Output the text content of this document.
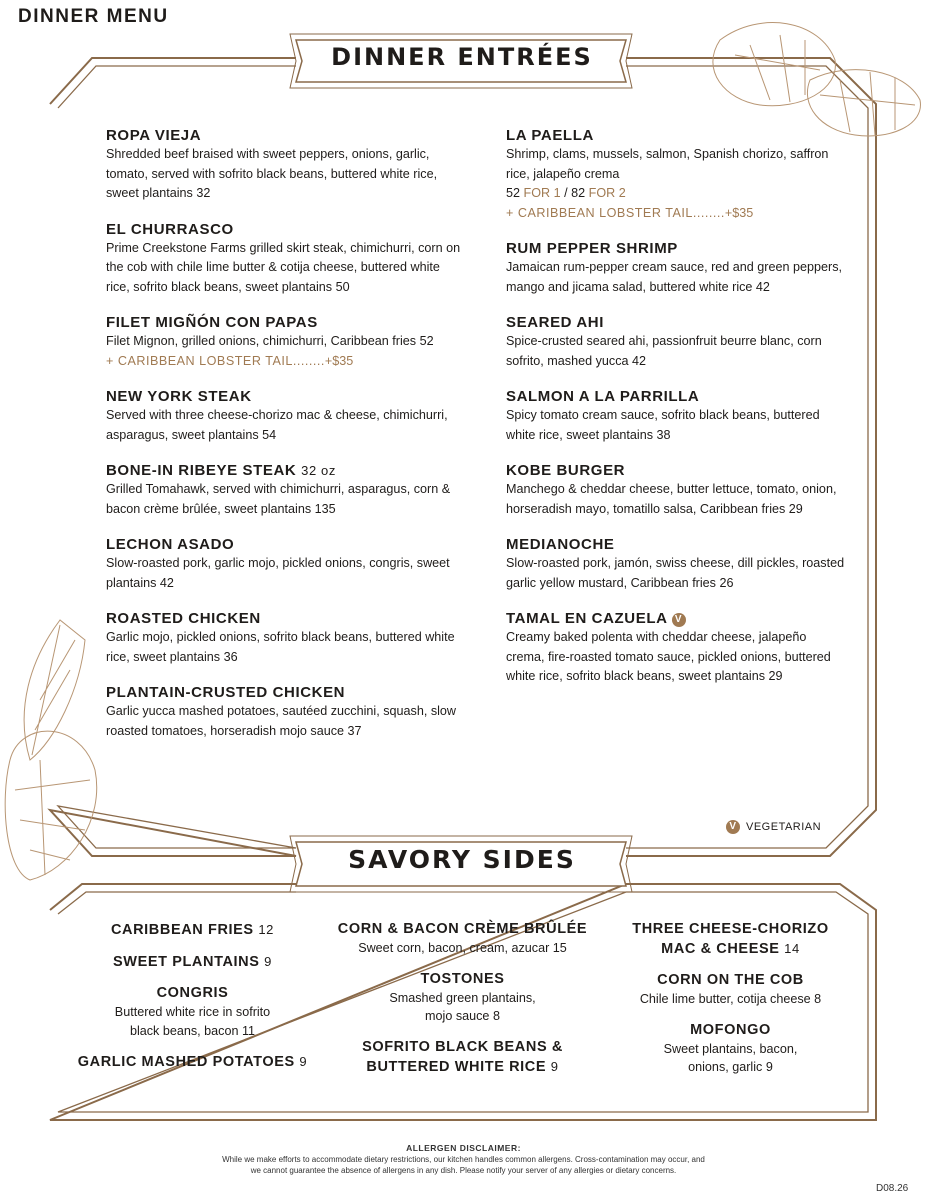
DINNER MENU
DINNER ENTRÉES
SAVORY SIDES
ROPA VIEJA
Shredded beef braised with sweet peppers, onions, garlic, tomato, served with sofrito black beans, buttered white rice, sweet plantains 32
EL CHURRASCO
Prime Creekstone Farms grilled skirt steak, chimichurri, corn on the cob with chile lime butter & cotija cheese, buttered white rice, sofrito black beans, sweet plantains 50
FILET MIGÑÓN CON PAPAS
Filet Mignon, grilled onions, chimichurri, Caribbean fries 52
+ CARIBBEAN LOBSTER TAIL........+$35
NEW YORK STEAK
Served with three cheese-chorizo mac & cheese, chimichurri, asparagus, sweet plantains 54
BONE-IN RIBEYE STEAK 32 oz
Grilled Tomahawk, served with chimichurri, asparagus, corn & bacon crème brûlée, sweet plantains 135
LECHON ASADO
Slow-roasted pork, garlic mojo, pickled onions, congris, sweet plantains 42
ROASTED CHICKEN
Garlic mojo, pickled onions, sofrito black beans, buttered white rice, sweet plantains 36
PLANTAIN-CRUSTED CHICKEN
Garlic yucca mashed potatoes, sautéed zucchini, squash, slow roasted tomatoes, horseradish mojo sauce 37
LA PAELLA
Shrimp, clams, mussels, salmon, Spanish chorizo, saffron rice, jalapeño crema
52 FOR 1 / 82 FOR 2
+ CARIBBEAN LOBSTER TAIL........+$35
RUM PEPPER SHRIMP
Jamaican rum-pepper cream sauce, red and green peppers, mango and jicama salad, buttered white rice 42
SEARED AHI
Spice-crusted seared ahi, passionfruit beurre blanc, corn sofrito, mashed yucca 42
SALMON A LA PARRILLA
Spicy tomato cream sauce, sofrito black beans, buttered white rice, sweet plantains 38
KOBE BURGER
Manchego & cheddar cheese, butter lettuce, tomato, onion, horseradish mayo, tomatillo salsa, Caribbean fries 29
MEDIANOCHE
Slow-roasted pork, jamón, swiss cheese, dill pickles, roasted garlic yellow mustard, Caribbean fries 26
TAMAL EN CAZUELA V
Creamy baked polenta with cheddar cheese, jalapeño crema, fire-roasted tomato sauce, pickled onions, buttered white rice, sofrito black beans, sweet plantains 29
V VEGETARIAN
CARIBBEAN FRIES 12
SWEET PLANTAINS 9
CONGRIS
Buttered white rice in sofrito black beans, bacon 11
GARLIC MASHED POTATOES 9
CORN & BACON CRÈME BRÛLÉE
Sweet corn, bacon, cream, azucar 15
TOSTONES
Smashed green plantains, mojo sauce 8
SOFRITO BLACK BEANS & BUTTERED WHITE RICE 9
THREE CHEESE-CHORIZO MAC & CHEESE 14
CORN ON THE COB
Chile lime butter, cotija cheese 8
MOFONGO
Sweet plantains, bacon, onions, garlic 9
ALLERGEN DISCLAIMER:
While we make efforts to accommodate dietary restrictions, our kitchen handles common allergens. Cross-contamination may occur, and
we cannot guarantee the absence of allergens in any dish. Please notify your server of any allergies or dietary concerns.
D08.26
